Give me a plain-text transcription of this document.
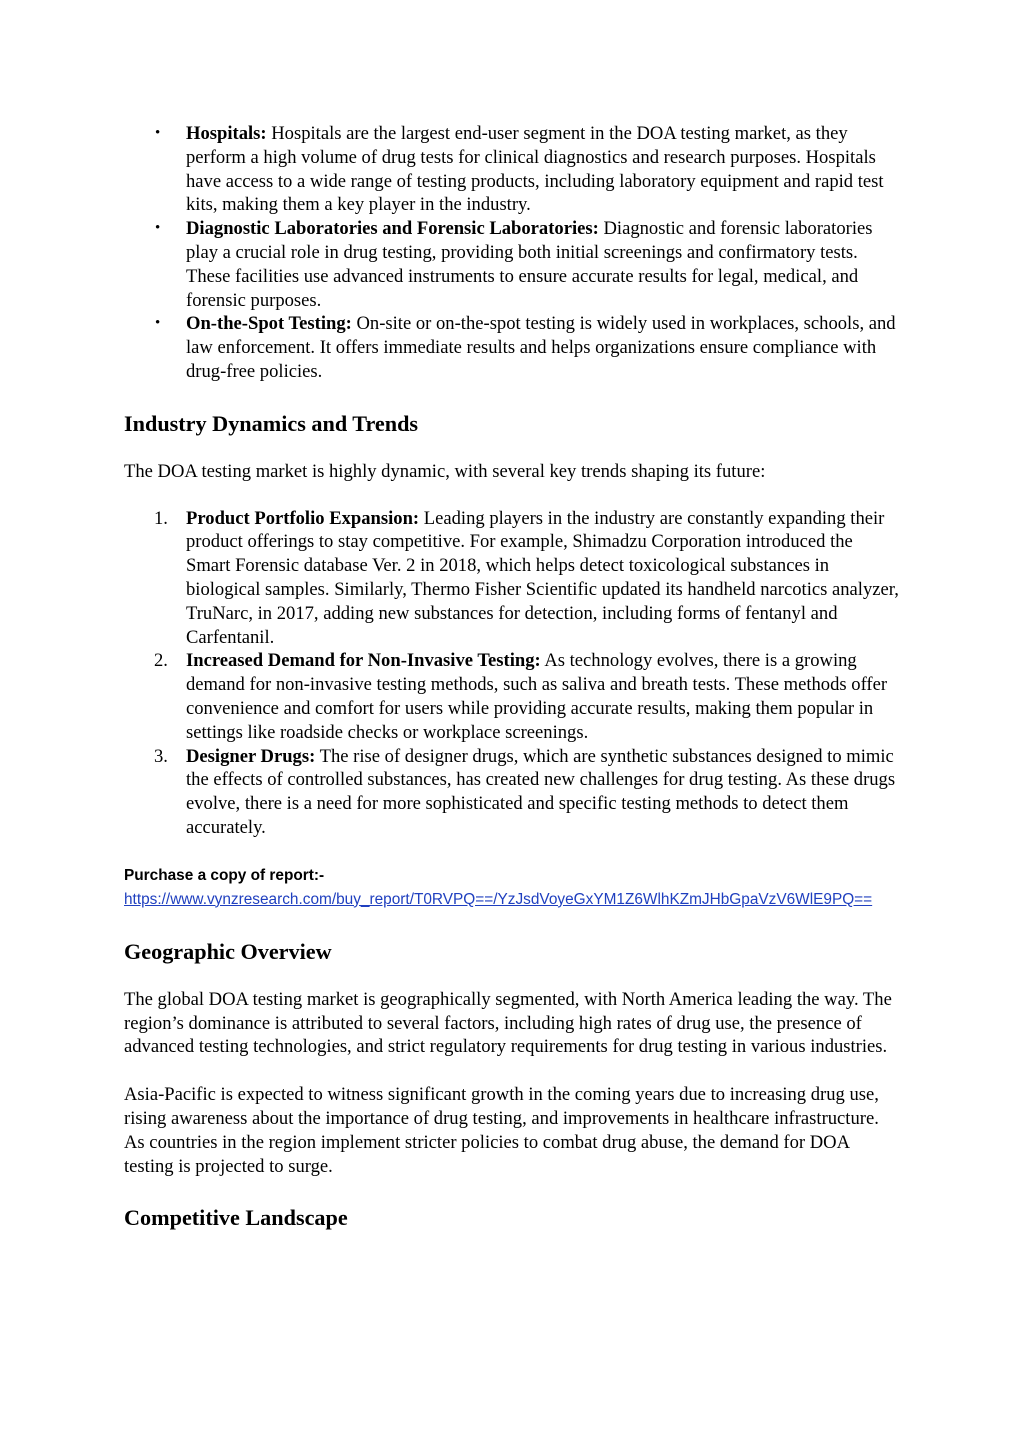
• Hospitals: Hospitals are the largest end-user segment in the DOA testing market, as they perform a high volume of drug tests for clinical diagnostics and research purposes. Hospitals have access to a wide range of testing products, including laboratory equipment and rapid test kits, making them a key player in the industry.
• Diagnostic Laboratories and Forensic Laboratories: Diagnostic and forensic laboratories play a crucial role in drug testing, providing both initial screenings and confirmatory tests. These facilities use advanced instruments to ensure accurate results for legal, medical, and forensic purposes.
• On-the-Spot Testing: On-site or on-the-spot testing is widely used in workplaces, schools, and law enforcement. It offers immediate results and helps organizations ensure compliance with drug-free policies.
Industry Dynamics and Trends

The DOA testing market is highly dynamic, with several key trends shaping its future:

1. Product Portfolio Expansion: Leading players in the industry are constantly expanding their product offerings to stay competitive. For example, Shimadzu Corporation introduced the Smart Forensic database Ver. 2 in 2018, which helps detect toxicological substances in biological samples. Similarly, Thermo Fisher Scientific updated its handheld narcotics analyzer, TruNarc, in 2017, adding new substances for detection, including forms of fentanyl and Carfentanil.
2. Increased Demand for Non-Invasive Testing: As technology evolves, there is a growing demand for non-invasive testing methods, such as saliva and breath tests. These methods offer convenience and comfort for users while providing accurate results, making them popular in settings like roadside checks or workplace screenings.
3. Designer Drugs: The rise of designer drugs, which are synthetic substances designed to mimic the effects of controlled substances, has created new challenges for drug testing. As these drugs evolve, there is a need for more sophisticated and specific testing methods to detect them accurately.
Purchase a copy of report:-
https://www.vynzresearch.com/buy_report/T0RVPQ==/YzJsdVoyeGxYM1Z6WlhKZmJHbGpaVzV6WlE9PQ==
Geographic Overview

The global DOA testing market is geographically segmented, with North America leading the way. The region’s dominance is attributed to several factors, including high rates of drug use, the presence of advanced testing technologies, and strict regulatory requirements for drug testing in various industries.

Asia-Pacific is expected to witness significant growth in the coming years due to increasing drug use, rising awareness about the importance of drug testing, and improvements in healthcare infrastructure. As countries in the region implement stricter policies to combat drug abuse, the demand for DOA testing is projected to surge.

Competitive Landscape
